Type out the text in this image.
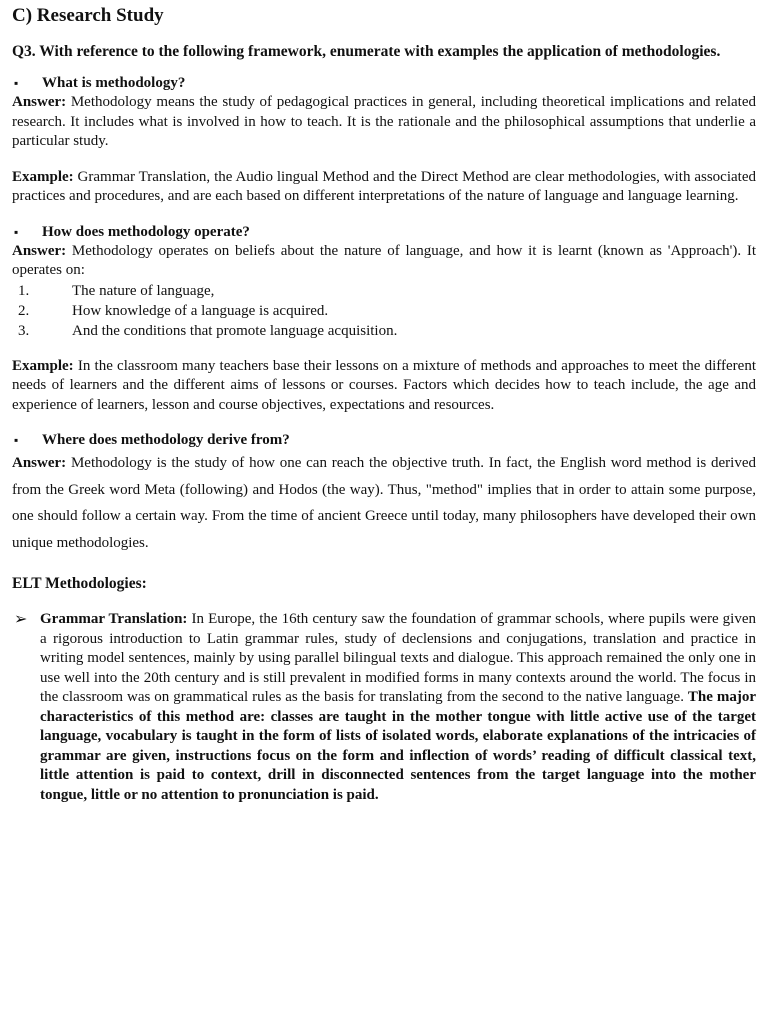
C) Research Study
Q3. With reference to the following framework, enumerate with examples the application of methodologies.
▪	What is methodology?

Answer: Methodology means the study of pedagogical practices in general, including theoretical implications and related research. It includes what is involved in how to teach. It is the rationale and the philosophical assumptions that underlie a particular study.

Example: Grammar Translation, the Audio lingual Method and the Direct Method are clear methodologies, with associated practices and procedures, and are each based on different interpretations of the nature of language and language learning.

▪	How does methodology operate?

Answer: Methodology operates on beliefs about the nature of language, and how it is learnt (known as 'Approach'). It operates on:

1.	The nature of language,
2.	How knowledge of a language is acquired.
3.	And the conditions that promote language acquisition.

Example: In the classroom many teachers base their lessons on a mixture of methods and approaches to meet the different needs of learners and the different aims of lessons or courses. Factors which decides how to teach include, the age and experience of learners, lesson and course objectives, expectations and resources.

▪	Where does methodology derive from?

Answer: Methodology is the study of how one can reach the objective truth. In fact, the English word method is derived from the Greek word Meta (following) and Hodos (the way). Thus, "method" implies that in order to attain some purpose, one should follow a certain way. From the time of ancient Greece until today, many philosophers have developed their own unique methodologies.

ELT Methodologies:
➢ Grammar Translation: In Europe, the 16th century saw the foundation of grammar schools, where pupils were given a rigorous introduction to Latin grammar rules, study of declensions and conjugations, translation and practice in writing model sentences, mainly by using parallel bilingual texts and dialogue. This approach remained the only one in use well into the 20th century and is still prevalent in modified forms in many contexts around the world. The focus in the classroom was on grammatical rules as the basis for translating from the second to the native language. The major characteristics of this method are: classes are taught in the mother tongue with little active use of the target language, vocabulary is taught in the form of lists of isolated words, elaborate explanations of the intricacies of grammar are given, instructions focus on the form and inflection of words’ reading of difficult classical text, little attention is paid to context, drill in disconnected sentences from the target language into the mother tongue, little or no attention to pronunciation is paid.
